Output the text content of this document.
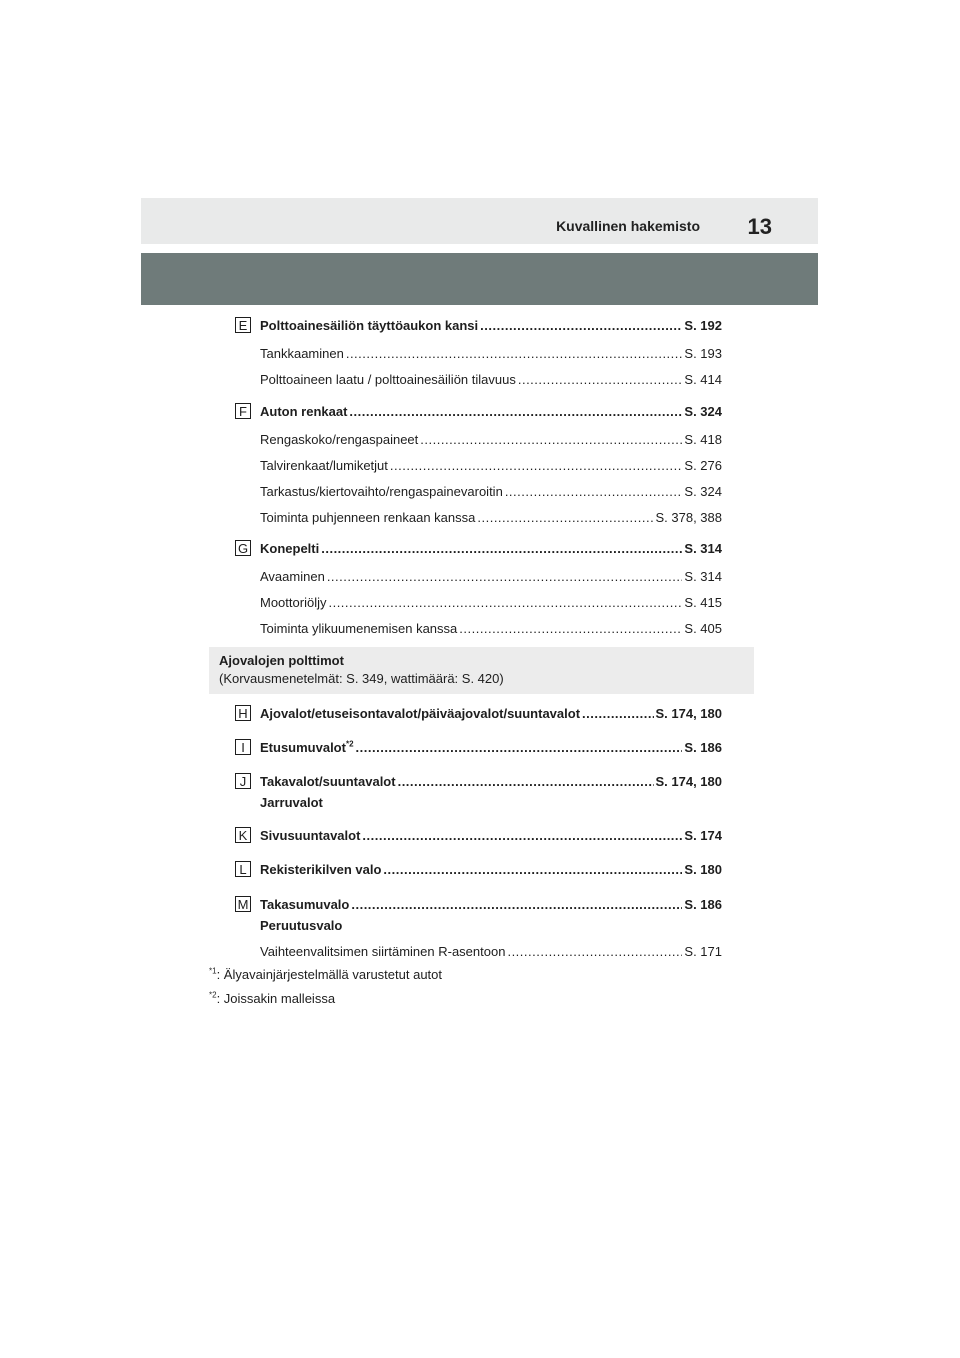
Kuvallinen hakemisto 13
E Polttoainesäiliön täyttöaukon kansi .....	S. 192
Tankkaaminen .....	S. 193
Polttoaineen laatu / polttoainesäiliön tilavuus .....	S. 414
F	Auton renkaat .....	S. 324
Rengaskoko/rengaspaineet .....	S. 418
Talvirenkaat/lumiketjut .....	S. 276
Tarkastus/kiertovaihto/rengaspainevaroitin .....	S. 324
Toiminta puhjenneen renkaan kanssa .....	S. 378, 388
G Konepelti .....	S. 314
Avaaminen .....	S. 314
Moottoriöljy .....	S. 415
Toiminta ylikuumenemisen kanssa .....	S. 405
Ajovalojen polttimot
(Korvausmenetelmät: S. 349, wattimäärä: S. 420)
H Ajovalot/etuseisontavalot/päiväajovalot/suuntavalot .....	S. 174, 180
I	Etusumuvalot$^{*2}$ .....	S. 186
J	Takavalot/suuntavalot .....	S. 174, 180
Jarruvalot
K Sivusuuntavalot .....	S. 174
L	Rekisterikilven valo .....	S. 180
M Takasumuvalo .....	S. 186
Peruutusvalo
Vaihteenvalitsimen siirtäminen R-asentoon .....	S. 171
$^{*1}$: Älyavainjärjestelmällä varustetut autot
$^{*2}$: Joissakin malleissa
